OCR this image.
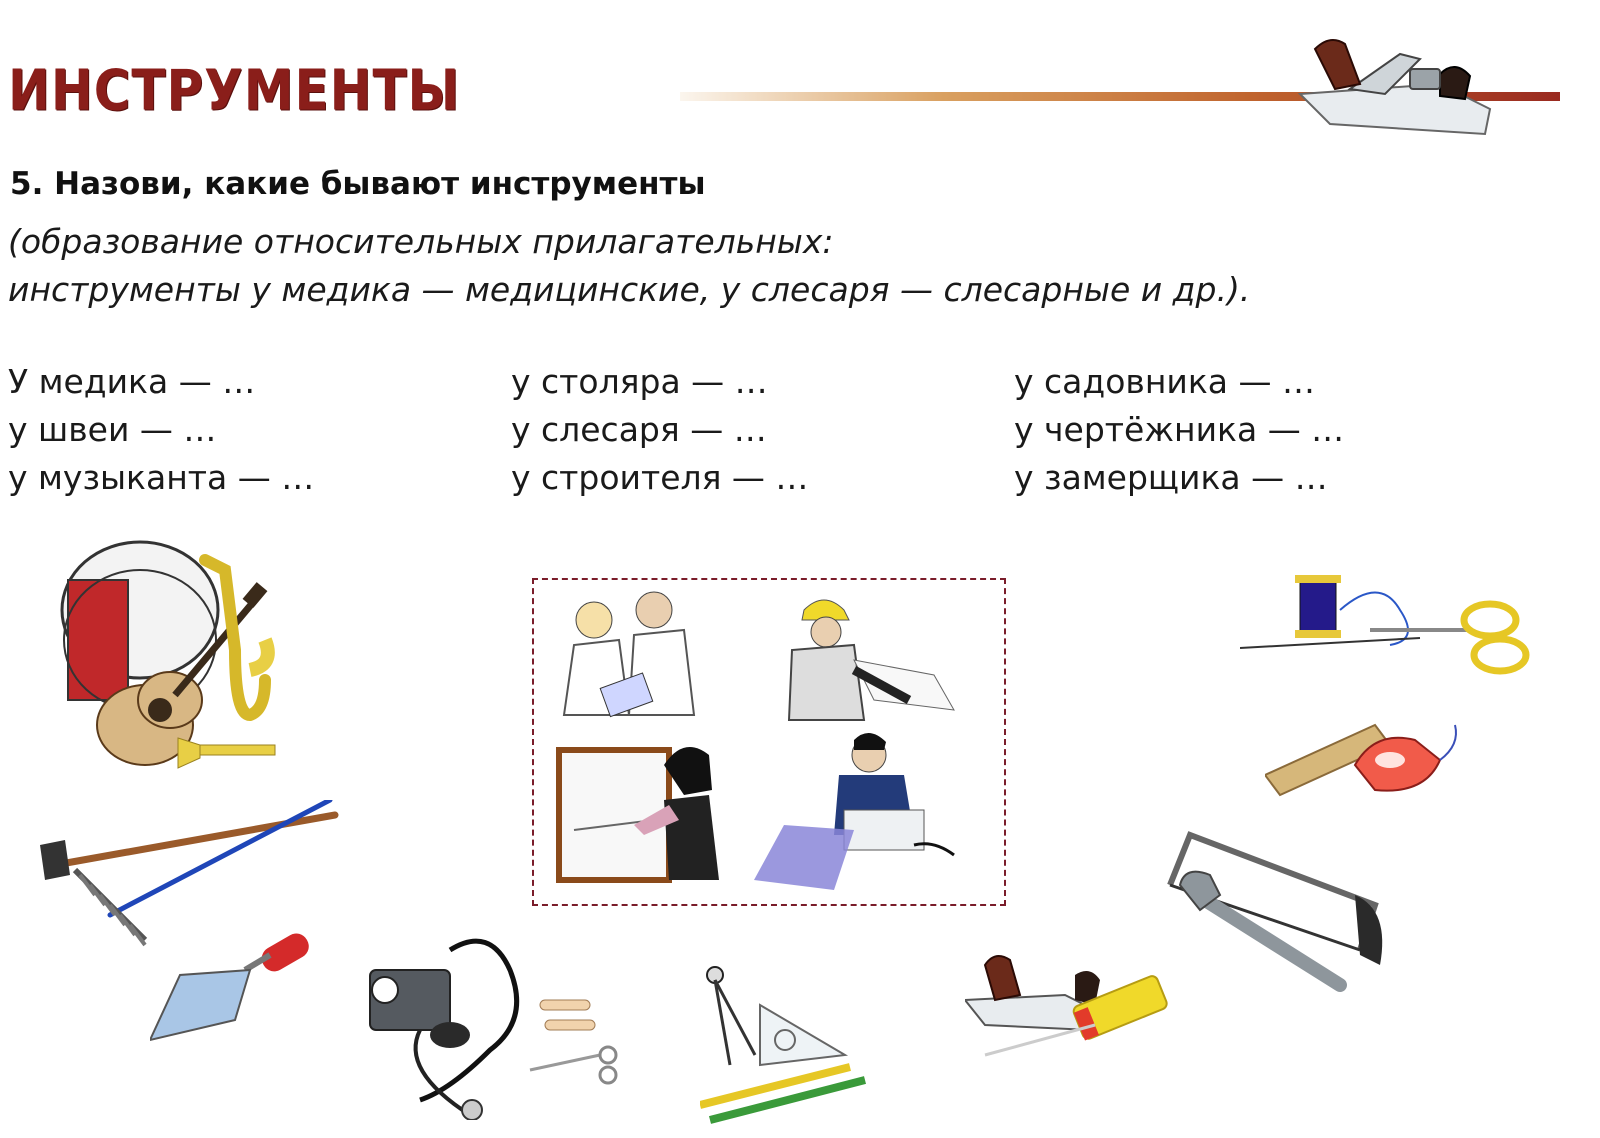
ИНСТРУМЕНТЫ
5. Назови, какие бывают инструменты
(образование относительных прилагательных:
инструменты у медика — медицинские, у слесаря — слесарные и др.).
У медика — …
у швеи — …
у музыканта — …
у столяра — …
у слесаря — …
у строителя — …
у садовника — …
у чертёжника — …
у замерщика — …
